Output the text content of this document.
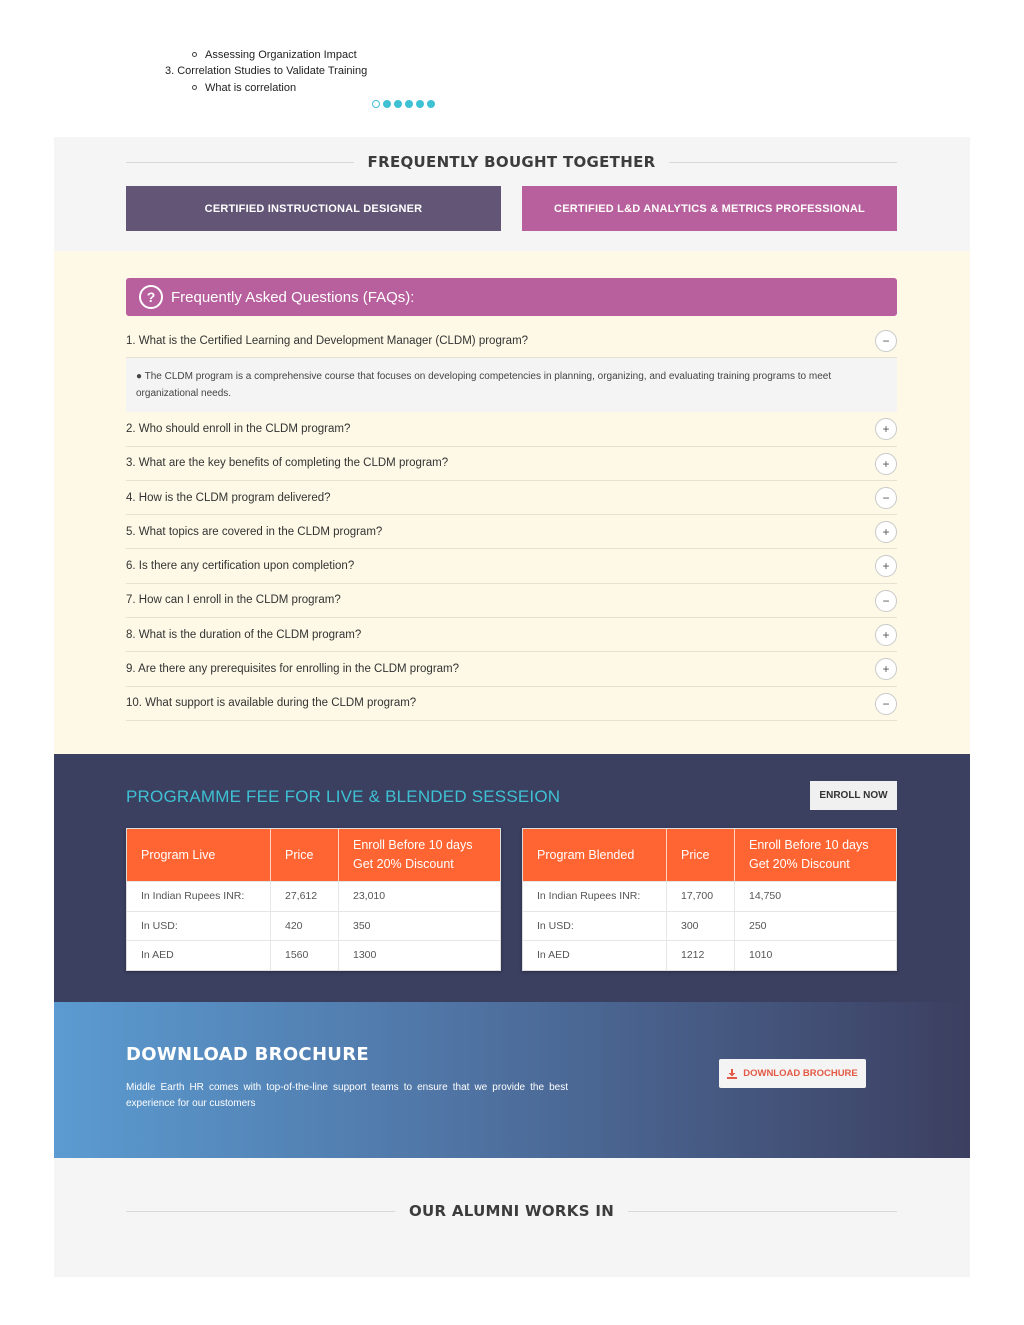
Assessing Organization Impact
3. Correlation Studies to Validate Training
What is correlation
FREQUENTLY BOUGHT TOGETHER
CERTIFIED INSTRUCTIONAL DESIGNER	CERTIFIED L&D ANALYTICS & METRICS PROFESSIONAL
?	Frequently Asked Questions (FAQs):
1. What is the Certified Learning and Development Manager (CLDM) program?	−
● The CLDM program is a comprehensive course that focuses on developing competencies in planning, organizing, and evaluating training programs to meet organizational needs.
2. Who should enroll in the CLDM program?	+
3. What are the key benefits of completing the CLDM program?	+
4. How is the CLDM program delivered?	−
5. What topics are covered in the CLDM program?	+
6. Is there any certification upon completion?	+
7. How can I enroll in the CLDM program?	−
8. What is the duration of the CLDM program?	+
9. Are there any prerequisites for enrolling in the CLDM program?	+
10. What support is available during the CLDM program?	−
PROGRAMME FEE FOR LIVE & BLENDED SESSEION	ENROLL NOW
Program Live	Price
Enroll Before 10 days
Get 20% Discount
In Indian Rupees INR:	27,612	23,010
In USD:	420	350
In AED	1560	1300
Program Blended	Price
Enroll Before 10 days
Get 20% Discount
In Indian Rupees INR:	17,700	14,750
In USD:	300	250
In AED	1212	1010
DOWNLOAD BROCHURE
Middle Earth HR comes with top-of-the-line support teams to ensure that we provide the best experience for our customers
DOWNLOAD BROCHURE
OUR ALUMNI WORKS IN
